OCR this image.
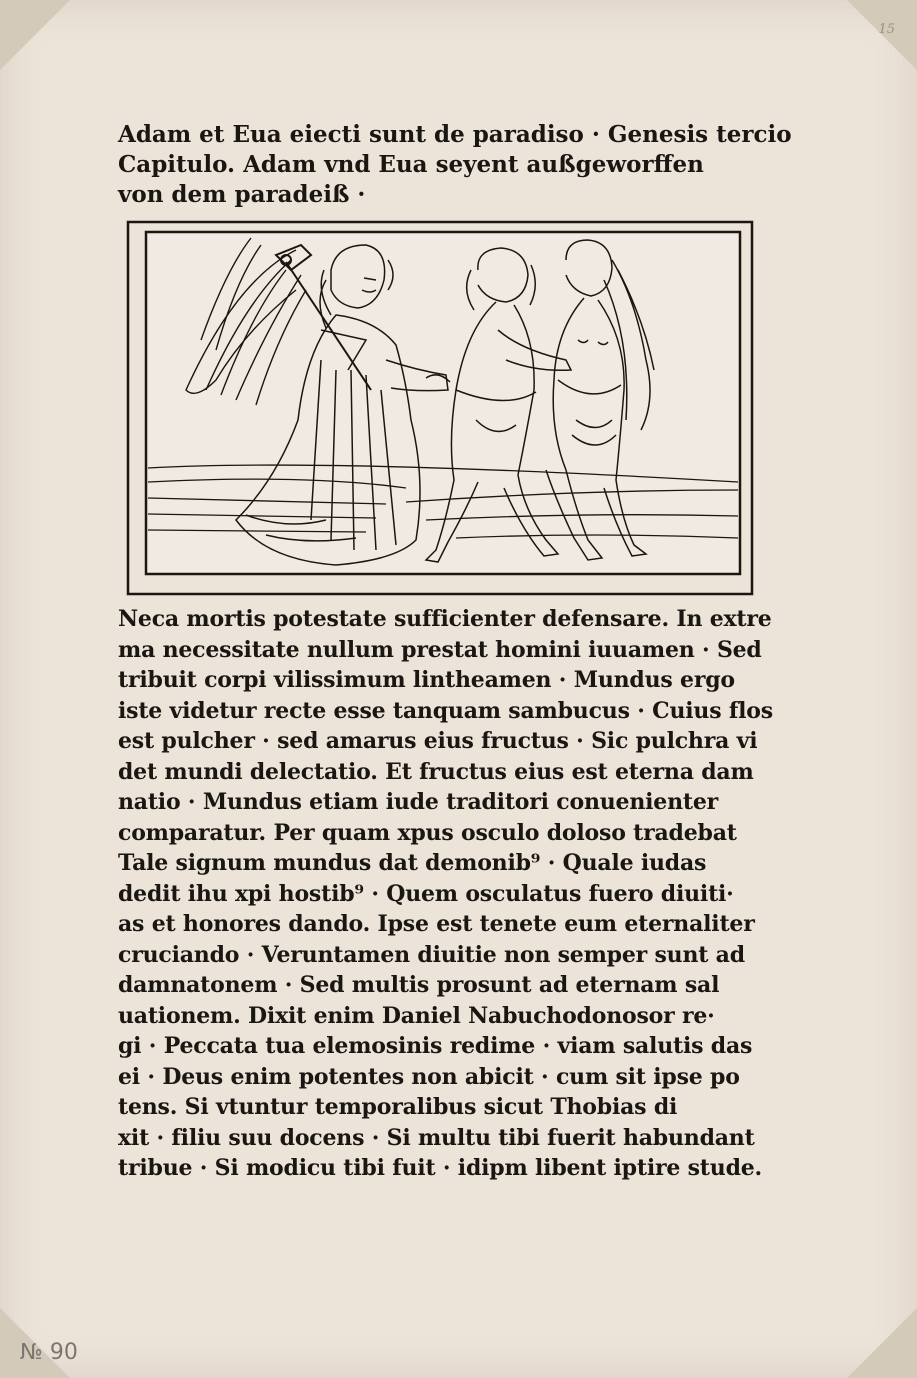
15
Adam et Eua eiecti sunt de paradiso · Genesis tercio
Capitulo. Adam vnd Eua seyent außgeworffen
von dem paradeiß ·
Neca mortis potestate sufficienter defensare. In extre
ma necessitate nullum prestat homini iuuamen · Sed
tribuit corpi vilissimum lintheamen · Mundus ergo
iste videtur recte esse tanquam sambucus · Cuius flos
est pulcher · sed amarus eius fructus · Sic pulchra vi
det mundi delectatio. Et fructus eius est eterna dam
natio · Mundus etiam iude traditori conuenienter
comparatur. Per quam xpus osculo doloso tradebat
Tale signum mundus dat demonib⁹ · Quale iudas
dedit ihu xpi hostib⁹ · Quem osculatus fuero diuiti·
as et honores dando. Ipse est tenete eum eternaliter
cruciando · Veruntamen diuitie non semper sunt ad
damnatonem · Sed multis prosunt ad eternam sal
uationem. Dixit enim Daniel Nabuchodonosor re·
gi · Peccata tua elemosinis redime · viam salutis das
ei · Deus enim potentes non abicit · cum sit ipse po
tens. Si vtuntur temporalibus sicut Thobias di
xit · filiu suu docens · Si multu tibi fuerit habundant
tribue · Si modicu tibi fuit · idipm libent iptire stude.
№ 90
